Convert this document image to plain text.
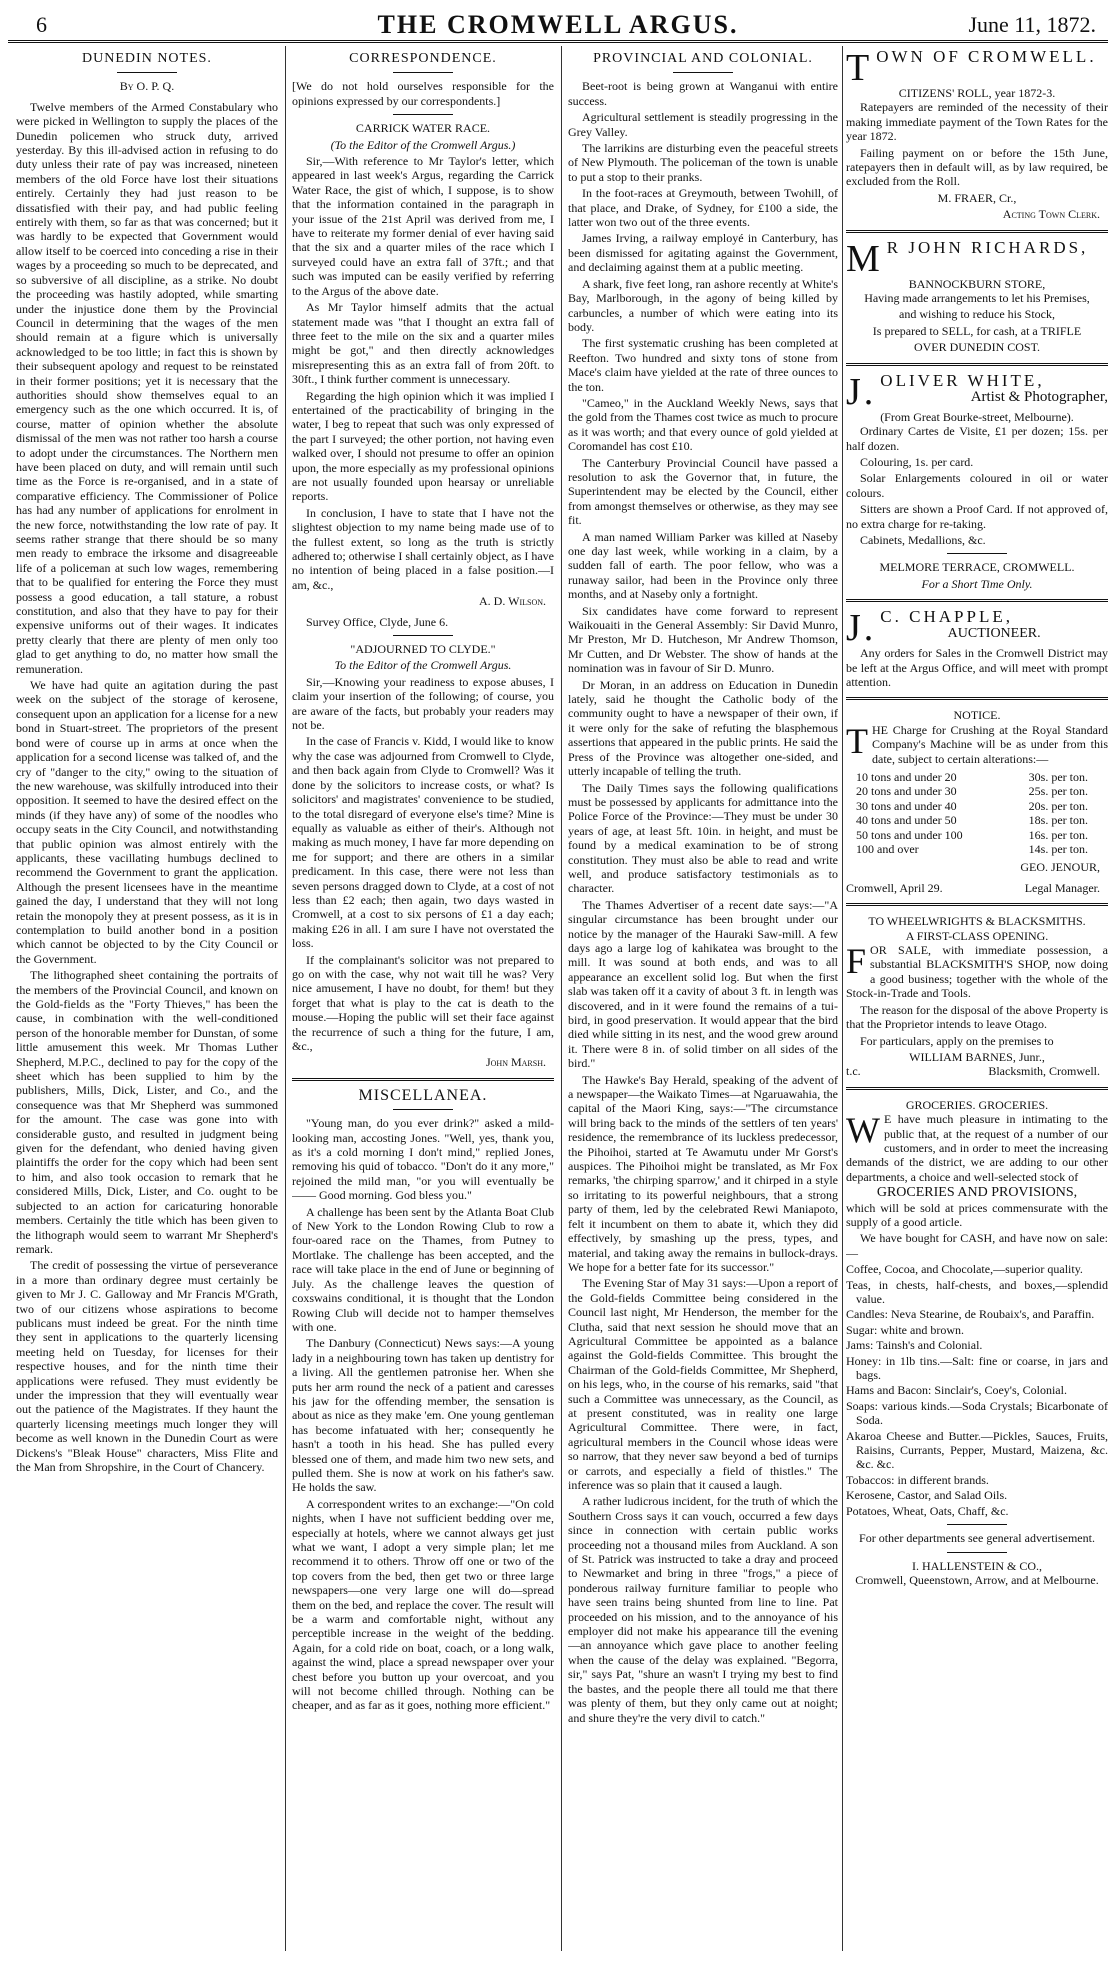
6	THE CROMWELL ARGUS.	June 11, 1872.
DUNEDIN NOTES.
By O. P. Q.

Twelve members of the Armed Constabulary who were picked in Wellington to supply the places of the Dunedin policemen who struck duty, arrived yesterday. By this ill-advised action in refusing to do duty unless their rate of pay was increased, nineteen members of the old Force have lost their situations entirely. Certainly they had just reason to be dissatisfied with their pay, and had public feeling entirely with them, so far as that was concerned; but it was hardly to be expected that Government would allow itself to be coerced into conceding a rise in their wages by a proceeding so much to be deprecated, and so subversive of all discipline, as a strike. No doubt the proceeding was hastily adopted, while smarting under the injustice done them by the Provincial Council in determining that the wages of the men should remain at a figure which is universally acknowledged to be too little; in fact this is shown by their subsequent apology and request to be reinstated in their former positions; yet it is necessary that the authorities should show themselves equal to an emergency such as the one which occurred. It is, of course, matter of opinion whether the absolute dismissal of the men was not rather too harsh a course to adopt under the circumstances. The Northern men have been placed on duty, and will remain until such time as the Force is re-organised, and in a state of comparative efficiency. The Commissioner of Police has had any number of applications for enrolment in the new force, notwithstanding the low rate of pay. It seems rather strange that there should be so many men ready to embrace the irksome and disagreeable life of a policeman at such low wages, remembering that to be qualified for entering the Force they must possess a good education, a tall stature, a robust constitution, and also that they have to pay for their expensive uniforms out of their wages. It indicates pretty clearly that there are plenty of men only too glad to get anything to do, no matter how small the remuneration.

We have had quite an agitation during the past week on the subject of the storage of kerosene, consequent upon an application for a license for a new bond in Stuart-street. The proprietors of the present bond were of course up in arms at once when the application for a second license was talked of, and the cry of "danger to the city," owing to the situation of the new warehouse, was skilfully introduced into their opposition. It seemed to have the desired effect on the minds (if they have any) of some of the noodles who occupy seats in the City Council, and notwithstanding that public opinion was almost entirely with the applicants, these vacillating humbugs declined to recommend the Government to grant the application. Although the present licensees have in the meantime gained the day, I understand that they will not long retain the monopoly they at present possess, as it is in contemplation to build another bond in a position which cannot be objected to by the City Council or the Government.

The lithographed sheet containing the portraits of the members of the Provincial Council, and known on the Gold-fields as the "Forty Thieves," has been the cause, in combination with the well-conditioned person of the honorable member for Dunstan, of some little amusement this week. Mr Thomas Luther Shepherd, M.P.C., declined to pay for the copy of the sheet which has been supplied to him by the publishers, Mills, Dick, Lister, and Co., and the consequence was that Mr Shepherd was summoned for the amount. The case was gone into with considerable gusto, and resulted in judgment being given for the defendant, who denied having given plaintiffs the order for the copy which had been sent to him, and also took occasion to remark that he considered Mills, Dick, Lister, and Co. ought to be subjected to an action for caricaturing honorable members. Certainly the title which has been given to the lithograph would seem to warrant Mr Shepherd's remark.

The credit of possessing the virtue of perseverance in a more than ordinary degree must certainly be given to Mr J. C. Galloway and Mr Francis M'Grath, two of our citizens whose aspirations to become publicans must indeed be great. For the ninth time they sent in applications to the quarterly licensing meeting held on Tuesday, for licenses for their respective houses, and for the ninth time their applications were refused. They must evidently be under the impression that they will eventually wear out the patience of the Magistrates. If they haunt the quarterly licensing meetings much longer they will become as well known in the Dunedin Court as were Dickens's "Bleak House" characters, Miss Flite and the Man from Shropshire, in the Court of Chancery.

CORRESPONDENCE.

[We do not hold ourselves responsible for the opinions expressed by our correspondents.]

CARRICK WATER RACE.
(To the Editor of the Cromwell Argus.)

Sir,—With reference to Mr Taylor's letter, which appeared in last week's Argus, regarding the Carrick Water Race, the gist of which, I suppose, is to show that the information contained in the paragraph in your issue of the 21st April was derived from me, I have to reiterate my former denial of ever having said that the six and a quarter miles of the race which I surveyed could have an extra fall of 37ft.; and that such was imputed can be easily verified by referring to the Argus of the above date.

As Mr Taylor himself admits that the actual statement made was "that I thought an extra fall of three feet to the mile on the six and a quarter miles might be got," and then directly acknowledges misrepresenting this as an extra fall of from 20ft. to 30ft., I think further comment is unnecessary.

Regarding the high opinion which it was implied I entertained of the practicability of bringing in the water, I beg to repeat that such was only expressed of the part I surveyed; the other portion, not having even walked over, I should not presume to offer an opinion upon, the more especially as my professional opinions are not usually founded upon hearsay or unreliable reports.

In conclusion, I have to state that I have not the slightest objection to my name being made use of to the fullest extent, so long as the truth is strictly adhered to; otherwise I shall certainly object, as I have no intention of being placed in a false position.—I am, &c.,

A. D. Wilson.

Survey Office, Clyde, June 6.

"ADJOURNED TO CLYDE."
To the Editor of the Cromwell Argus.

Sir,—Knowing your readiness to expose abuses, I claim your insertion of the following; of course, you are aware of the facts, but probably your readers may not be.

In the case of Francis v. Kidd, I would like to know why the case was adjourned from Cromwell to Clyde, and then back again from Clyde to Cromwell? Was it done by the solicitors to increase costs, or what? Is solicitors' and magistrates' convenience to be studied, to the total disregard of everyone else's time? Mine is equally as valuable as either of their's. Although not making as much money, I have far more depending on me for support; and there are others in a similar predicament. In this case, there were not less than seven persons dragged down to Clyde, at a cost of not less than £2 each; then again, two days wasted in Cromwell, at a cost to six persons of £1 a day each; making £26 in all. I am sure I have not overstated the loss.

If the complainant's solicitor was not prepared to go on with the case, why not wait till he was? Very nice amusement, I have no doubt, for them! but they forget that what is play to the cat is death to the mouse.—Hoping the public will set their face against the recurrence of such a thing for the future, I am, &c.,

John Marsh.
MISCELLANEA.

"Young man, do you ever drink?" asked a mild-looking man, accosting Jones. "Well, yes, thank you, as it's a cold morning I don't mind," replied Jones, removing his quid of tobacco. "Don't do it any more," rejoined the mild man, "or you will eventually be —— Good morning. God bless you."

A challenge has been sent by the Atlanta Boat Club of New York to the London Rowing Club to row a four-oared race on the Thames, from Putney to Mortlake. The challenge has been accepted, and the race will take place in the end of June or beginning of July. As the challenge leaves the question of coxswains conditional, it is thought that the London Rowing Club will decide not to hamper themselves with one.

The Danbury (Connecticut) News says:—A young lady in a neighbouring town has taken up dentistry for a living. All the gentlemen patronise her. When she puts her arm round the neck of a patient and caresses his jaw for the offending member, the sensation is about as nice as they make 'em. One young gentleman has become infatuated with her; consequently he hasn't a tooth in his head. She has pulled every blessed one of them, and made him two new sets, and pulled them. She is now at work on his father's saw. He holds the saw.

A correspondent writes to an exchange:—"On cold nights, when I have not sufficient bedding over me, especially at hotels, where we cannot always get just what we want, I adopt a very simple plan; let me recommend it to others. Throw off one or two of the top covers from the bed, then get two or three large newspapers—one very large one will do—spread them on the bed, and replace the cover. The result will be a warm and comfortable night, without any perceptible increase in the weight of the bedding. Again, for a cold ride on boat, coach, or a long walk, against the wind, place a spread newspaper over your chest before you button up your overcoat, and you will not become chilled through. Nothing can be cheaper, and as far as it goes, nothing more efficient."

PROVINCIAL AND COLONIAL.

Beet-root is being grown at Wanganui with entire success.

Agricultural settlement is steadily progressing in the Grey Valley.

The larrikins are disturbing even the peaceful streets of New Plymouth. The policeman of the town is unable to put a stop to their pranks.

In the foot-races at Greymouth, between Twohill, of that place, and Drake, of Sydney, for £100 a side, the latter won two out of the three events.

James Irving, a railway employé in Canterbury, has been dismissed for agitating against the Government, and declaiming against them at a public meeting.

A shark, five feet long, ran ashore recently at White's Bay, Marlborough, in the agony of being killed by carbuncles, a number of which were eating into its body.

The first systematic crushing has been completed at Reefton. Two hundred and sixty tons of stone from Mace's claim have yielded at the rate of three ounces to the ton.

"Cameo," in the Auckland Weekly News, says that the gold from the Thames cost twice as much to procure as it was worth; and that every ounce of gold yielded at Coromandel has cost £10.

The Canterbury Provincial Council have passed a resolution to ask the Governor that, in future, the Superintendent may be elected by the Council, either from amongst themselves or otherwise, as they may see fit.

A man named William Parker was killed at Naseby one day last week, while working in a claim, by a sudden fall of earth. The poor fellow, who was a runaway sailor, had been in the Province only three months, and at Naseby only a fortnight.

Six candidates have come forward to represent Waikouaiti in the General Assembly: Sir David Munro, Mr Preston, Mr D. Hutcheson, Mr Andrew Thomson, Mr Cutten, and Dr Webster. The show of hands at the nomination was in favour of Sir D. Munro.

Dr Moran, in an address on Education in Dunedin lately, said he thought the Catholic body of the community ought to have a newspaper of their own, if it were only for the sake of refuting the blasphemous assertions that appeared in the public prints. He said the Press of the Province was altogether one-sided, and utterly incapable of telling the truth.

The Daily Times says the following qualifications must be possessed by applicants for admittance into the Police Force of the Province:—They must be under 30 years of age, at least 5ft. 10in. in height, and must be found by a medical examination to be of strong constitution. They must also be able to read and write well, and produce satisfactory testimonials as to character.

The Thames Advertiser of a recent date says:—"A singular circumstance has been brought under our notice by the manager of the Hauraki Saw-mill. A few days ago a large log of kahikatea was brought to the mill. It was sound at both ends, and was to all appearance an excellent solid log. But when the first slab was taken off it a cavity of about 3 ft. in length was discovered, and in it were found the remains of a tui-bird, in good preservation. It would appear that the bird died while sitting in its nest, and the wood grew around it. There were 8 in. of solid timber on all sides of the bird."

The Hawke's Bay Herald, speaking of the advent of a newspaper—the Waikato Times—at Ngaruawahia, the capital of the Maori King, says:—"The circumstance will bring back to the minds of the settlers of ten years' residence, the remembrance of its luckless predecessor, the Pihoihoi, started at Te Awamutu under Mr Gorst's auspices. The Pihoihoi might be translated, as Mr Fox remarks, 'the chirping sparrow,' and it chirped in a style so irritating to its powerful neighbours, that a strong party of them, led by the celebrated Rewi Maniapoto, felt it incumbent on them to abate it, which they did effectively, by smashing up the press, types, and material, and taking away the remains in bullock-drays. We hope for a better fate for its successor."

The Evening Star of May 31 says:—Upon a report of the Gold-fields Committee being considered in the Council last night, Mr Henderson, the member for the Clutha, said that next session he should move that an Agricultural Committee be appointed as a balance against the Gold-fields Committee. This brought the Chairman of the Gold-fields Committee, Mr Shepherd, on his legs, who, in the course of his remarks, said "that such a Committee was unnecessary, as the Council, as at present constituted, was in reality one large Agricultural Committee. There were, in fact, agricultural members in the Council whose ideas were so narrow, that they never saw beyond a bed of turnips or carrots, and especially a field of thistles." The inference was so plain that it caused a laugh.

A rather ludicrous incident, for the truth of which the Southern Cross says it can vouch, occurred a few days since in connection with certain public works proceeding not a thousand miles from Auckland. A son of St. Patrick was instructed to take a dray and proceed to Newmarket and bring in three "frogs," a piece of ponderous railway furniture familiar to people who have seen trains being shunted from line to line. Pat proceeded on his mission, and to the annoyance of his employer did not make his appearance till the evening—an annoyance which gave place to another feeling when the cause of the delay was explained. "Begorra, sir," says Pat, "shure an wasn't I trying my best to find the bastes, and the people there all tould me that there was plenty of them, but they only came out at noight; and shure they're the very divil to catch."

TOWN OF CROMWELL.
CITIZENS' ROLL, year 1872-3.

Ratepayers are reminded of the necessity of their making immediate payment of the Town Rates for the year 1872.

Failing payment on or before the 15th June, ratepayers then in default will, as by law required, be excluded from the Roll.

M. FRAER, Cr.,
Acting Town Clerk.
M R JOHN RICHARDS,
BANNOCKBURN STORE,

Having made arrangements to let his Premises,

and wishing to reduce his Stock,

Is prepared to SELL, for cash, at a TRIFLE

OVER DUNEDIN COST.

J. OLIVER WHITE,
Artist & Photographer,
(From Great Bourke-street, Melbourne).

Ordinary Cartes de Visite, £1 per dozen; 15s. per half dozen.

Colouring, 1s. per card.

Solar Enlargements coloured in oil or water colours.

Sitters are shown a Proof Card. If not approved of, no extra charge for re-taking.

Cabinets, Medallions, &c.

MELMORE TERRACE, CROMWELL.
For a Short Time Only.
J. C. CHAPPLE,
AUCTIONEER.

Any orders for Sales in the Cromwell District may be left at the Argus Office, and will meet with prompt attention.

NOTICE.

THE Charge for Crushing at the Royal Standard Company's Machine will be as under from this date, subject to certain alterations:—

10 tons and under 20	30s. per ton.
20 tons and under 30	25s. per ton.
30 tons and under 40	20s. per ton.
40 tons and under 50	18s. per ton.
50 tons and under 100	16s. per ton.
100 and over	14s. per ton.
GEO. JENOUR,
Cromwell, April 29.	Legal Manager.
TO WHEELWRIGHTS & BLACKSMITHS.
A FIRST-CLASS OPENING.

FOR SALE, with immediate possession, a substantial BLACKSMITH'S SHOP, now doing a good business; together with the whole of the Stock-in-Trade and Tools.

The reason for the disposal of the above Property is that the Proprietor intends to leave Otago.

For particulars, apply on the premises to

WILLIAM BARNES, Junr.,
t.c.	Blacksmith, Cromwell.
GROCERIES. GROCERIES.

W E have much pleasure in intimating to the public that, at the request of a number of our customers, and in order to meet the increasing demands of the district, we are adding to our other departments, a choice and well-selected stock of

GROCERIES AND PROVISIONS,

which will be sold at prices commensurate with the supply of a good article.

We have bought for CASH, and have now on sale:—

Coffee, Cocoa, and Chocolate,—superior quality.
Teas, in chests, half-chests, and boxes,—splendid value.
Candles: Neva Stearine, de Roubaix's, and Paraffin.
Sugar: white and brown.
Jams: Tainsh's and Colonial.
Honey: in 1lb tins.—Salt: fine or coarse, in jars and bags.
Hams and Bacon: Sinclair's, Coey's, Colonial.
Soaps: various kinds.—Soda Crystals; Bicarbonate of Soda.
Akaroa Cheese and Butter.—Pickles, Sauces, Fruits, Raisins, Currants, Pepper, Mustard, Maizena, &c. &c. &c.
Tobaccos: in different brands.
Kerosene, Castor, and Salad Oils.
Potatoes, Wheat, Oats, Chaff, &c.
For other departments see general advertisement.
I. HALLENSTEIN & CO.,
Cromwell, Queenstown, Arrow, and at Melbourne.
